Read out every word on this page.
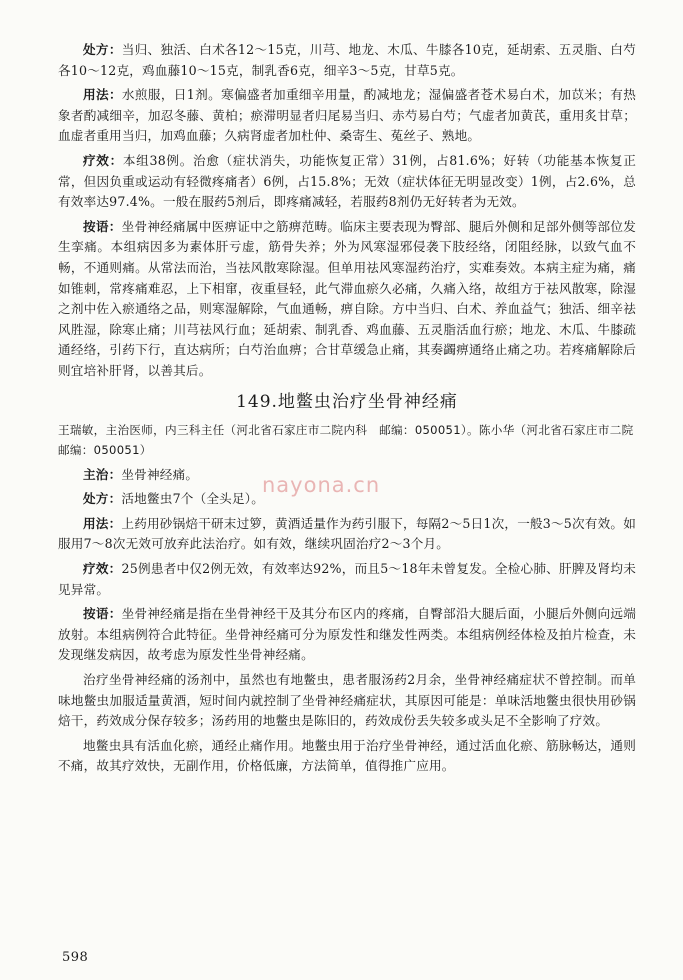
处方：当归、独活、白术各12～15克，川芎、地龙、木瓜、牛膝各10克，延胡索、五灵脂、白芍各10～12克，鸡血藤10～15克，制乳香6克，细辛3～5克，甘草5克。

用法：水煎服，日1剂。寒偏盛者加重细辛用量，酌减地龙；湿偏盛者苍术易白术，加苡米；有热象者酌减细辛，加忍冬藤、黄柏；瘀滞明显者归尾易当归、赤芍易白芍；气虚者加黄芪，重用炙甘草；血虚者重用当归，加鸡血藤；久病肾虚者加杜仲、桑寄生、菟丝子、熟地。

疗效：本组38例。治愈（症状消失，功能恢复正常）31例，占81.6%；好转（功能基本恢复正常，但因负重或运动有轻微疼痛者）6例，占15.8%；无效（症状体征无明显改变）1例，占2.6%，总有效率达97.4%。一般在服药5剂后，即疼痛减轻，若服药8剂仍无好转者为无效。

按语：坐骨神经痛属中医痹证中之筋痹范畴。临床主要表现为臀部、腿后外侧和足部外侧等部位发生挛痛。本组病因多为素体肝亏虚，筋骨失养；外为风寒湿邪侵袭下肢经络，闭阻经脉，以致气血不畅，不通则痛。从常法而治，当祛风散寒除湿。但单用祛风寒湿药治疗，实难奏效。本病主症为痛，痛如锥刺，常疼痛难忍，上下相窜，夜重昼轻，此气滞血瘀久必痛，久痛入络，故组方于祛风散寒，除湿之剂中佐入瘀通络之品，则寒湿解除，气血通畅，痹自除。方中当归、白术、养血益气；独活、细辛祛风胜湿，除寒止痛；川芎祛风行血；延胡索、制乳香、鸡血藤、五灵脂活血行瘀；地龙、木瓜、牛膝疏通经络，引药下行，直达病所；白芍治血痹；合甘草缓急止痛，其奏蠲痹通络止痛之功。若疼痛解除后则宜培补肝肾，以善其后。

149.地鳖虫治疗坐骨神经痛

王瑞敏，主治医师，内三科主任（河北省石家庄市二院内科　邮编：050051）。陈小华（河北省石家庄市二院　邮编：050051）

主治：坐骨神经痛。

处方：活地鳖虫7个（全头足）。

用法：上药用砂锅焙干研末过箩，黄酒适量作为药引服下，每隔2～5日1次，一般3～5次有效。如服用7～8次无效可放弃此法治疗。如有效，继续巩固治疗2～3个月。

疗效：25例患者中仅2例无效，有效率达92%，而且5～18年未曾复发。全检心肺、肝脾及肾均未见异常。

按语：坐骨神经痛是指在坐骨神经干及其分布区内的疼痛，自臀部沿大腿后面，小腿后外侧向远端放射。本组病例符合此特征。坐骨神经痛可分为原发性和继发性两类。本组病例经体检及拍片检查，未发现继发病因，故考虑为原发性坐骨神经痛。

治疗坐骨神经痛的汤剂中，虽然也有地鳖虫，患者服汤药2月余，坐骨神经痛症状不曾控制。而单味地鳖虫加服适量黄酒，短时间内就控制了坐骨神经痛症状，其原因可能是：单味活地鳖虫很快用砂锅焙干，药效成分保存较多；汤药用的地鳖虫是陈旧的，药效成份丢失较多或头足不全影响了疗效。

地鳖虫具有活血化瘀，通经止痛作用。地鳖虫用于治疗坐骨神经，通过活血化瘀、筋脉畅达，通则不痛，故其疗效快，无副作用，价格低廉，方法简单，值得推广应用。

nayona.cn
598
